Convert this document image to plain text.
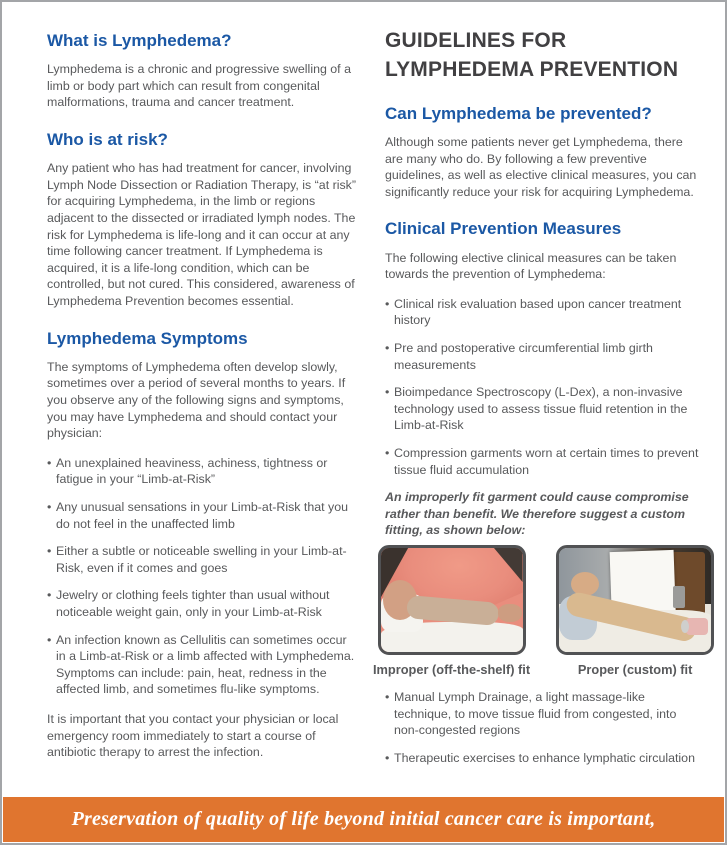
What is Lymphedema?

Lymphedema is a chronic and progressive swelling of a limb or body part which can result from congenital malformations, trauma and cancer treatment.

Who is at risk?

Any patient who has had treatment for cancer, involving Lymph Node Dissection or Radiation Therapy, is “at risk” for acquiring Lymphedema, in the limb or regions adjacent to the dissected or irradiated lymph nodes. The risk for Lymphedema is life-long and it can occur at any time following cancer treatment. If Lymphedema is acquired, it is a life-long condition, which can be controlled, but not cured. This considered, awareness of Lymphedema Prevention becomes essential.

Lymphedema Symptoms

The symptoms of Lymphedema often develop slowly, sometimes over a period of several months to years. If you observe any of the following signs and symptoms, you may have Lymphedema and should contact your physician:

• An unexplained heaviness, achiness, tightness or fatigue in your “Limb-at-Risk”
• Any unusual sensations in your Limb-at-Risk that you do not feel in the unaffected limb
• Either a subtle or noticeable swelling in your Limb-at-Risk, even if it comes and goes
• Jewelry or clothing feels tighter than usual without noticeable weight gain, only in your Limb-at-Risk
• An infection known as Cellulitis can sometimes occur in a Limb-at-Risk or a limb affected with Lymphedema. Symptoms can include: pain, heat, redness in the affected limb, and sometimes flu-like symptoms.

It is important that you contact your physician or local emergency room immediately to start a course of antibiotic therapy to arrest the infection.

GUIDELINES FOR LYMPHEDEMA PREVENTION
Can Lymphedema be prevented?

Although some patients never get Lymphedema, there are many who do. By following a few preventive guidelines, as well as elective clinical measures, you can significantly reduce your risk for acquiring Lymphedema.

Clinical Prevention Measures

The following elective clinical measures can be taken towards the prevention of Lymphedema:

• Clinical risk evaluation based upon cancer treatment history
• Pre and postoperative circumferential limb girth measurements
• Bioimpedance Spectroscopy (L-Dex), a non-invasive technology used to assess tissue fluid retention in the Limb-at-Risk
• Compression garments worn at certain times to prevent tissue fluid accumulation

An improperly fit garment could cause compromise rather than benefit. We therefore suggest a custom fitting, as shown below:

Improper (off-the-shelf) fit	Proper (custom) fit
• Manual Lymph Drainage, a light massage-like technique, to move tissue fluid from congested, into non-congested regions
• Therapeutic exercises to enhance lymphatic circulation
Preservation of quality of life beyond initial cancer care is important,
